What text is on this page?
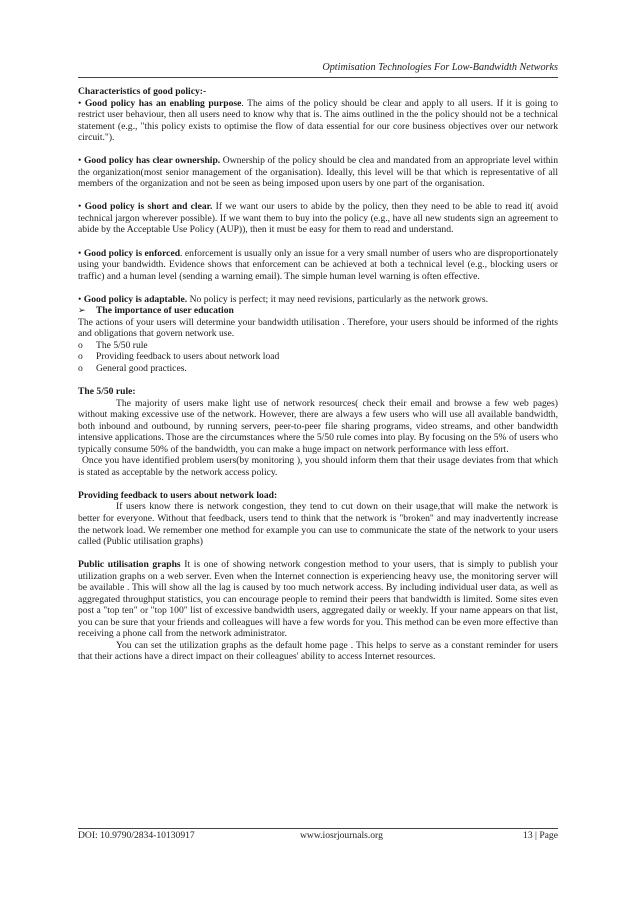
Optimisation Technologies For Low-Bandwidth Networks

Characteristics of good policy:-

• Good policy has an enabling purpose. The aims of the policy should be clear and apply to all users. If it is going to restrict user behaviour, then all users need to know why that is. The aims outlined in the the policy should not be a technical statement (e.g., "this policy exists to optimise the flow of data essential for our core business objectives over our network circuit.").

• Good policy has clear ownership. Ownership of the policy should be clea and mandated from an appropriate level within the organization(most senior management of the organisation). Ideally, this level will be that which is representative of all members of the organization and not be seen as being imposed upon users by one part of the organisation.

• Good policy is short and clear. If we want our users to abide by the policy, then they need to be able to read it( avoid technical jargon wherever possible). If we want them to buy into the policy (e.g., have all new students sign an agreement to abide by the Acceptable Use Policy (AUP)), then it must be easy for them to read and understand.

• Good policy is enforced. enforcement is usually only an issue for a very small number of users who are disproportionately using your bandwidth. Evidence shows that enforcement can be achieved at both a technical level (e.g., blocking users or traffic) and a human level (sending a warning email). The simple human level warning is often effective.

• Good policy is adaptable. No policy is perfect; it may need revisions, particularly as the network grows.

➢	The importance of user education

The actions of your users will determine your bandwidth utilisation . Therefore, your users should be informed of the rights and obligations that govern network use.

o	The 5/50 rule
o	Providing feedback to users about network load
o	General good practices.

The 5/50 rule:

The majority of users make light use of network resources( check their email and browse a few web pages) without making excessive use of the network. However, there are always a few users who will use all available bandwidth, both inbound and outbound, by running servers, peer-to-peer file sharing programs, video streams, and other bandwidth intensive applications. Those are the circumstances where the 5/50 rule comes into play. By focusing on the 5% of users who typically consume 50% of the bandwidth, you can make a huge impact on network performance with less effort.

Once you have identified problem users(by monitoring ), you should inform them that their usage deviates from that which is stated as acceptable by the network access policy.

Providing feedback to users about network load:

If users know there is network congestion, they tend to cut down on their usage,that will make the network is better for everyone. Without that feedback, users tend to think that the network is "broken" and may inadvertently increase the network load. We remember one method for example you can use to communicate the state of the network to your users called (Public utilisation graphs)

Public utilisation graphs It is one of showing network congestion method to your users, that is simply to publish your utilization graphs on a web server. Even when the Internet connection is experiencing heavy use, the monitoring server will be available . This will show all the lag is caused by too much network access. By including individual user data, as well as aggregated throughput statistics, you can encourage people to remind their peers that bandwidth is limited. Some sites even post a "top ten" or "top 100" list of excessive bandwidth users, aggregated daily or weekly. If your name appears on that list, you can be sure that your friends and colleagues will have a few words for you. This method can be even more effective than receiving a phone call from the network administrator.

You can set the utilization graphs as the default home page . This helps to serve as a constant reminder for users that their actions have a direct impact on their colleagues' ability to access Internet resources.

DOI: 10.9790/2834-10130917	www.iosrjournals.org	13 | Page
